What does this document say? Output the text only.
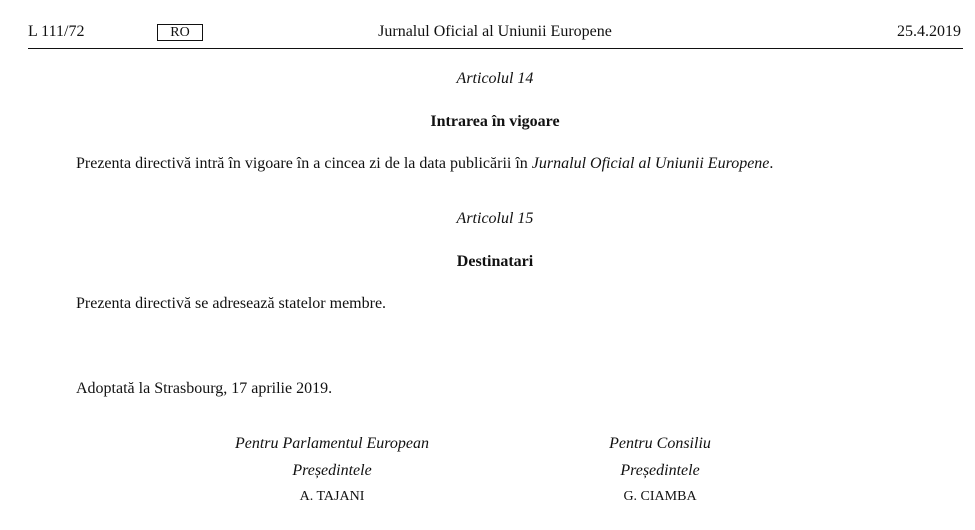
L 111/72	RO	Jurnalul Oficial al Uniunii Europene	25.4.2019
Articolul 14
Intrarea în vigoare
Prezenta directivă intră în vigoare în a cincea zi de la data publicării în Jurnalul Oficial al Uniunii Europene.
Articolul 15
Destinatari
Prezenta directivă se adresează statelor membre.
Adoptată la Strasbourg, 17 aprilie 2019.
Pentru Parlamentul European
Președintele
A. TAJANI
Pentru Consiliu
Președintele
G. CIAMBA
